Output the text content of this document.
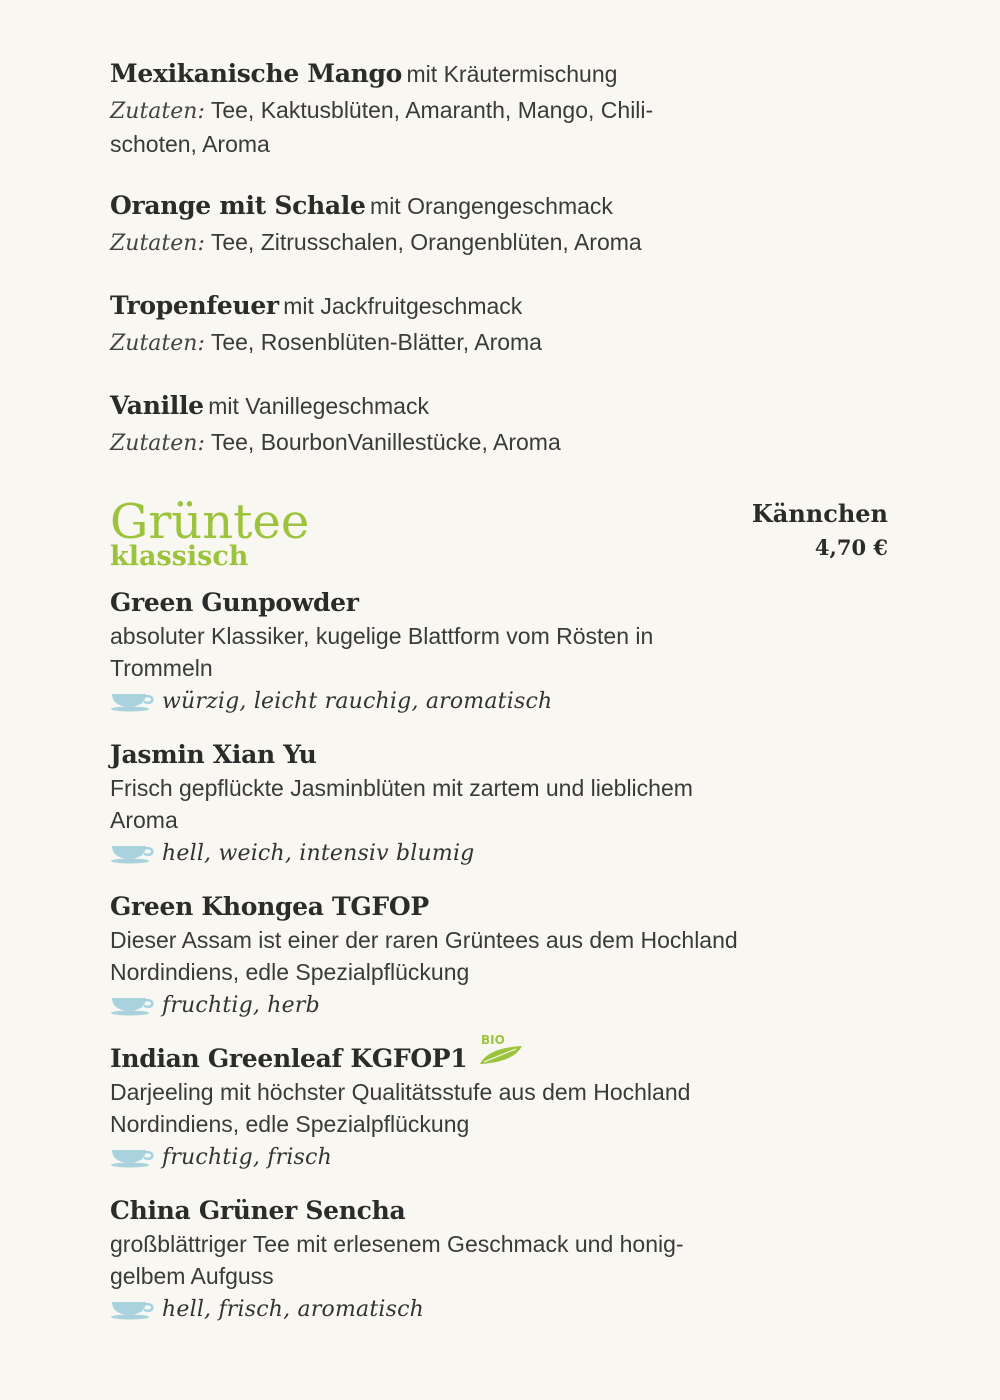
Mexikanische Mango mit Kräutermischung
Zutaten: Tee, Kaktusblüten, Amaranth, Mango, Chili-
schoten, Aroma
Orange mit Schale mit Orangengeschmack
Zutaten: Tee, Zitrusschalen, Orangenblüten, Aroma
Tropenfeuer mit Jackfruitgeschmack
Zutaten: Tee, Rosenblüten-Blätter, Aroma
Vanille mit Vanillegeschmack
Zutaten: Tee, BourbonVanillestücke, Aroma
Grüntee
klassisch
Kännchen
4,70 €
Green Gunpowder
absoluter Klassiker, kugelige Blattform vom Rösten in
Trommeln
würzig, leicht rauchig, aromatisch
Jasmin Xian Yu
Frisch gepflückte Jasminblüten mit zartem und lieblichem
Aroma
hell, weich, intensiv blumig
Green Khongea TGFOP
Dieser Assam ist einer der raren Grüntees aus dem Hochland
Nordindiens, edle Spezialpflückung
fruchtig, herb
Indian Greenleaf KGFOP1
BIO
Darjeeling mit höchster Qualitätsstufe aus dem Hochland
Nordindiens, edle Spezialpflückung
fruchtig, frisch
China Grüner Sencha
großblättriger Tee mit erlesenem Geschmack und honig-
gelbem Aufguss
hell, frisch, aromatisch
